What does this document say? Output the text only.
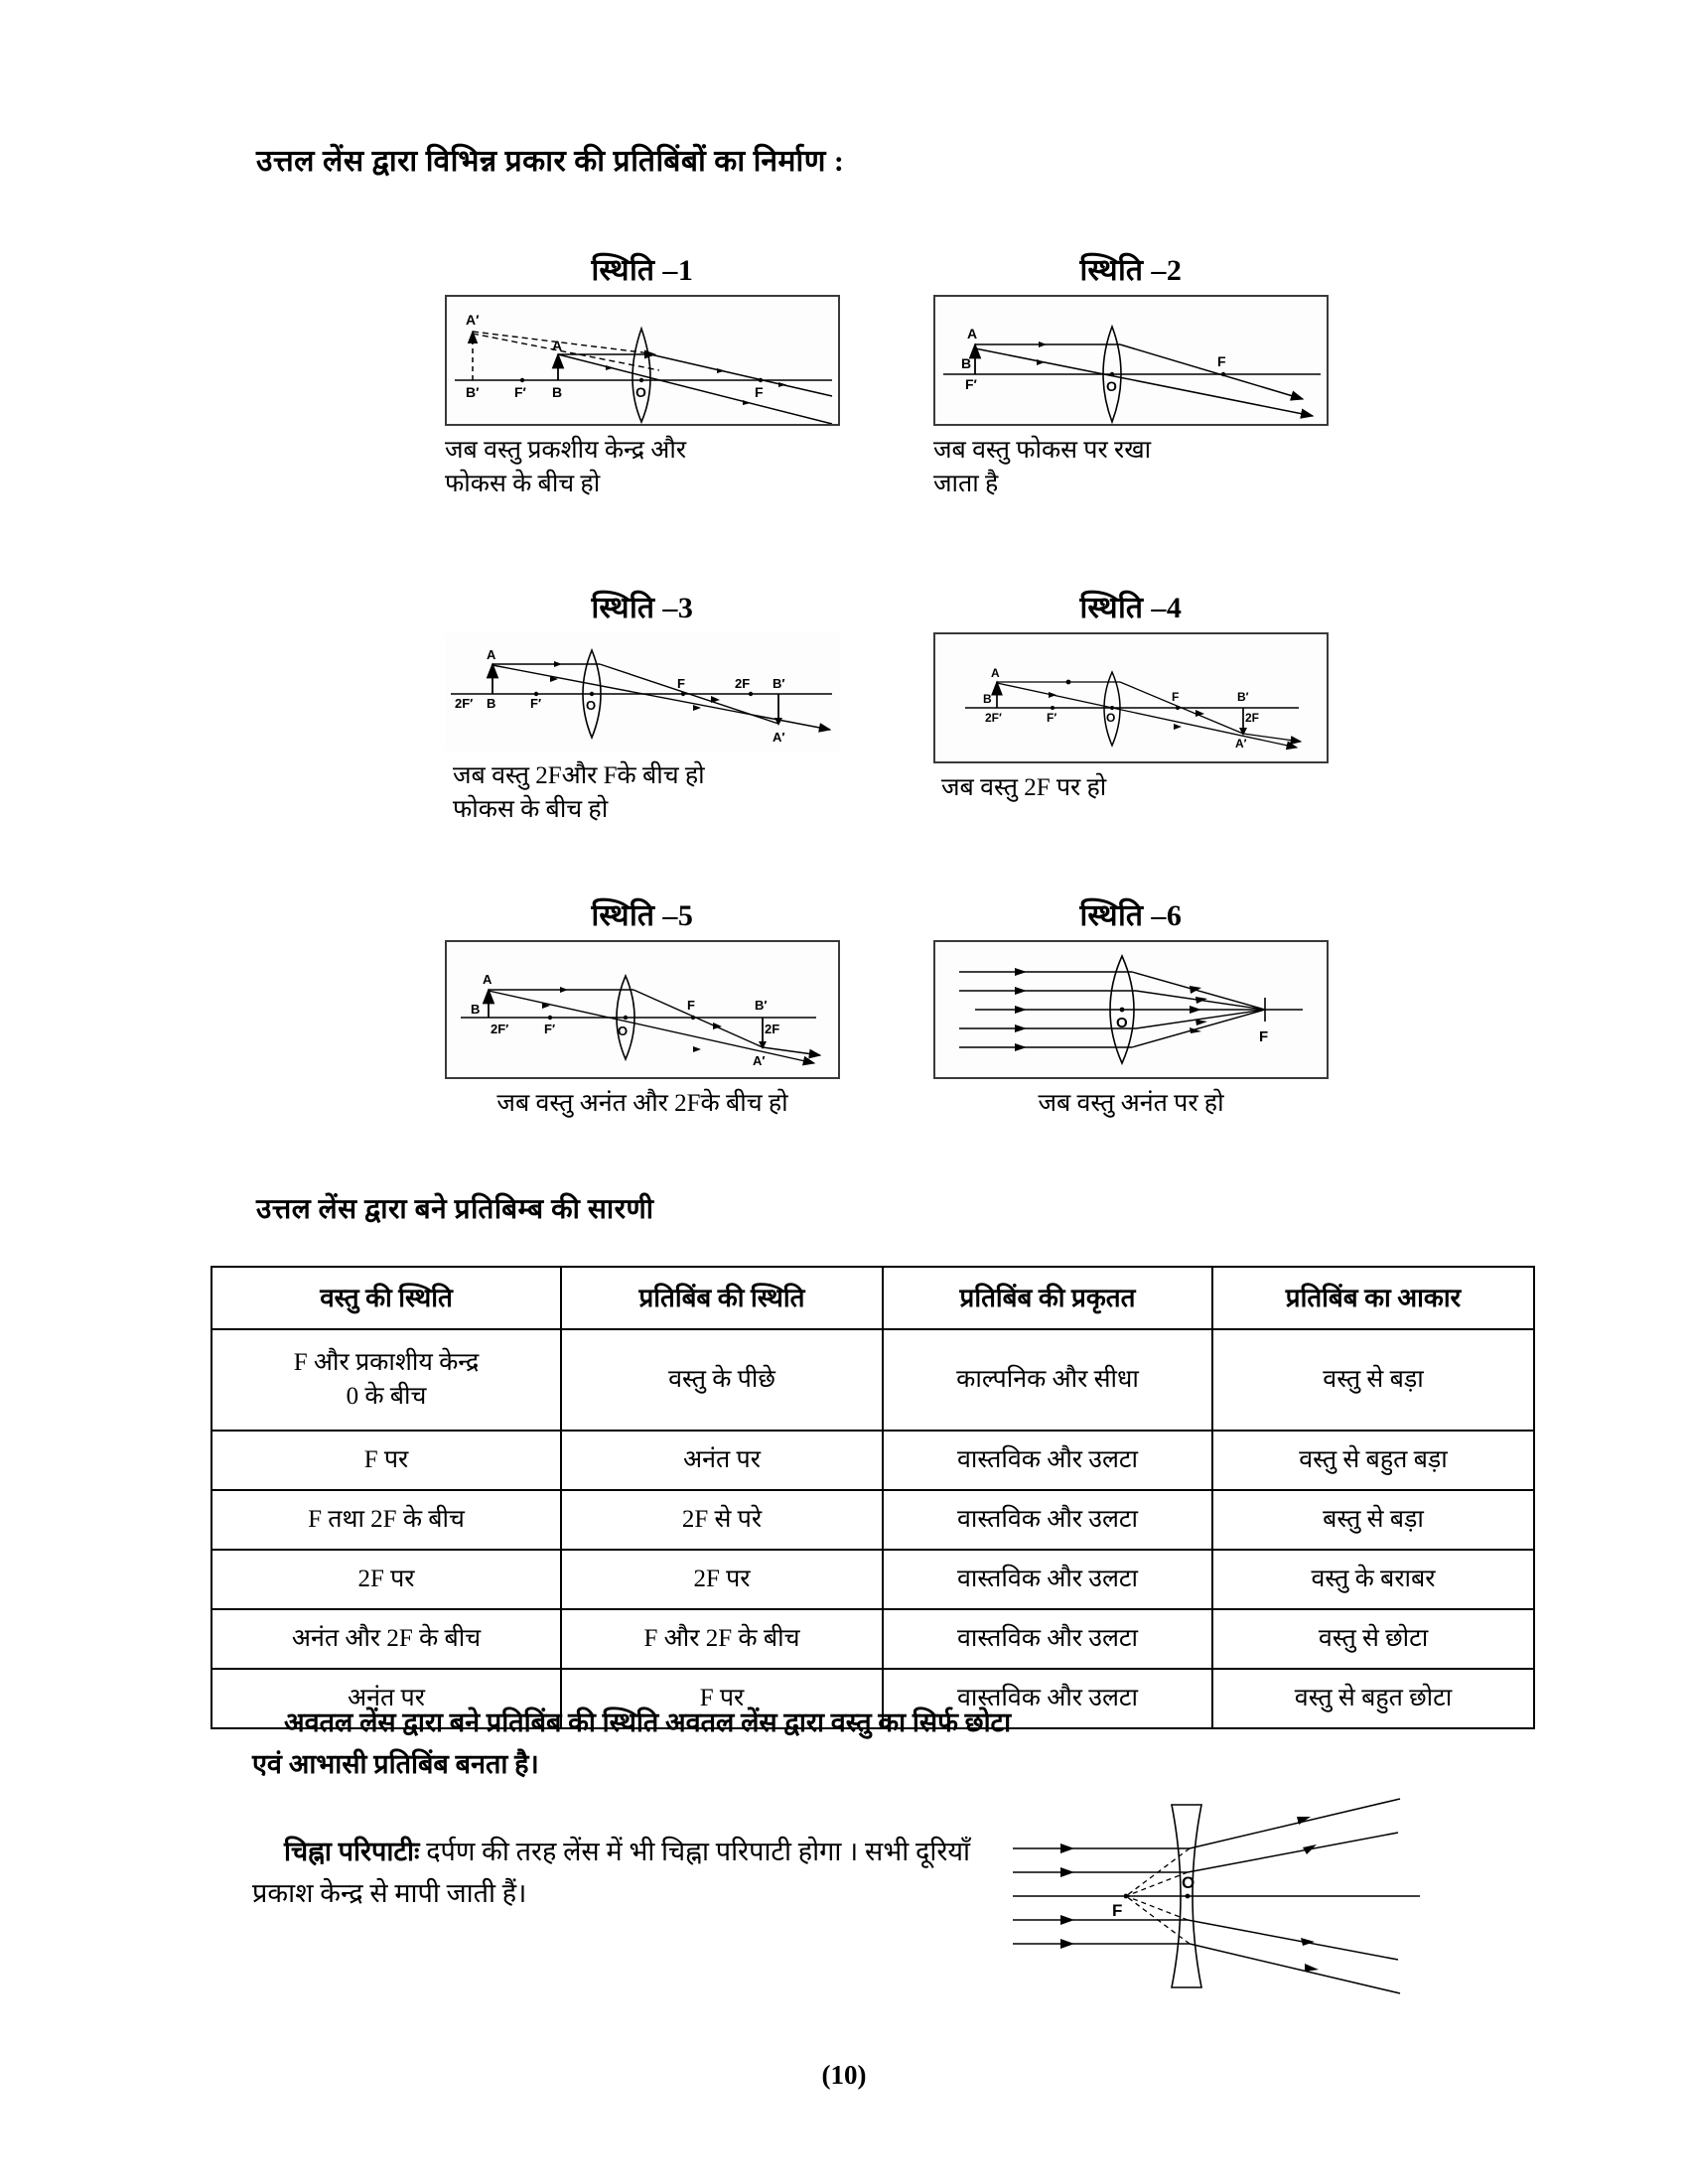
उत्तल लेंस द्वारा विभिन्न प्रकार की प्रतिबिंबों का निर्माण :
स्थिति –1
A′
B′	F′ B
A
O	F
जब वस्तु प्रकशीय केन्द्र और
फोकस के बीच हो
स्थिति –2
A
B
F′	O
F
जब वस्तु फोकस पर रखा
जाता है
स्थिति –3
A
2F′ B	F′	O
F	2F B′
A′
जब वस्तु 2Fऔर Fके बीच हो
फोकस के बीच हो
स्थिति –4
A
B
2F′	F′	O
F	B′
2F
A′
जब वस्तु 2F पर हो
स्थिति –5
A
B
2F′	F′	O
F	B′
2F
A′
जब वस्तु अनंत और 2Fके बीच हो
स्थिति –6
O
F
जब वस्तु अनंत पर हो
उत्तल लेंस द्वारा बने प्रतिबिम्ब की सारणी
वस्तु की स्थिति	प्रतिबिंब की स्थिति	प्रतिबिंब की प्रकृतत	प्रतिबिंब का आकार

F और प्रकाशीय केन्द्र
0 के बीच	वस्तु के पीछे	काल्पनिक और सीधा	वस्तु से बड़ा
F पर	अनंत पर	वास्तविक और उलटा	वस्तु से बहुत बड़ा
F तथा 2F के बीच	2F से परे	वास्तविक और उलटा	बस्तु से बड़ा
2F पर	2F पर	वास्तविक और उलटा	वस्तु के बराबर
अनंत और 2F के बीच	F और 2F के बीच	वास्तविक और उलटा	वस्तु से छोटा
अनंत पर	F पर	वास्तविक और उलटा	वस्तु से बहुत छोटा
अवतल लेंस द्वारा बने प्रतिबिंब की स्थिति अवतल लेंस द्वारा वस्तु का सिर्फ छोटा एवं आभासी प्रतिबिंब बनता है।
चिह्ना परिपाटीः दर्पण की तरह लेंस में भी चिह्ना परिपाटी होगा । सभी दूरियाँ प्रकाश केन्द्र से मापी जाती हैं।
F
O
(10)
